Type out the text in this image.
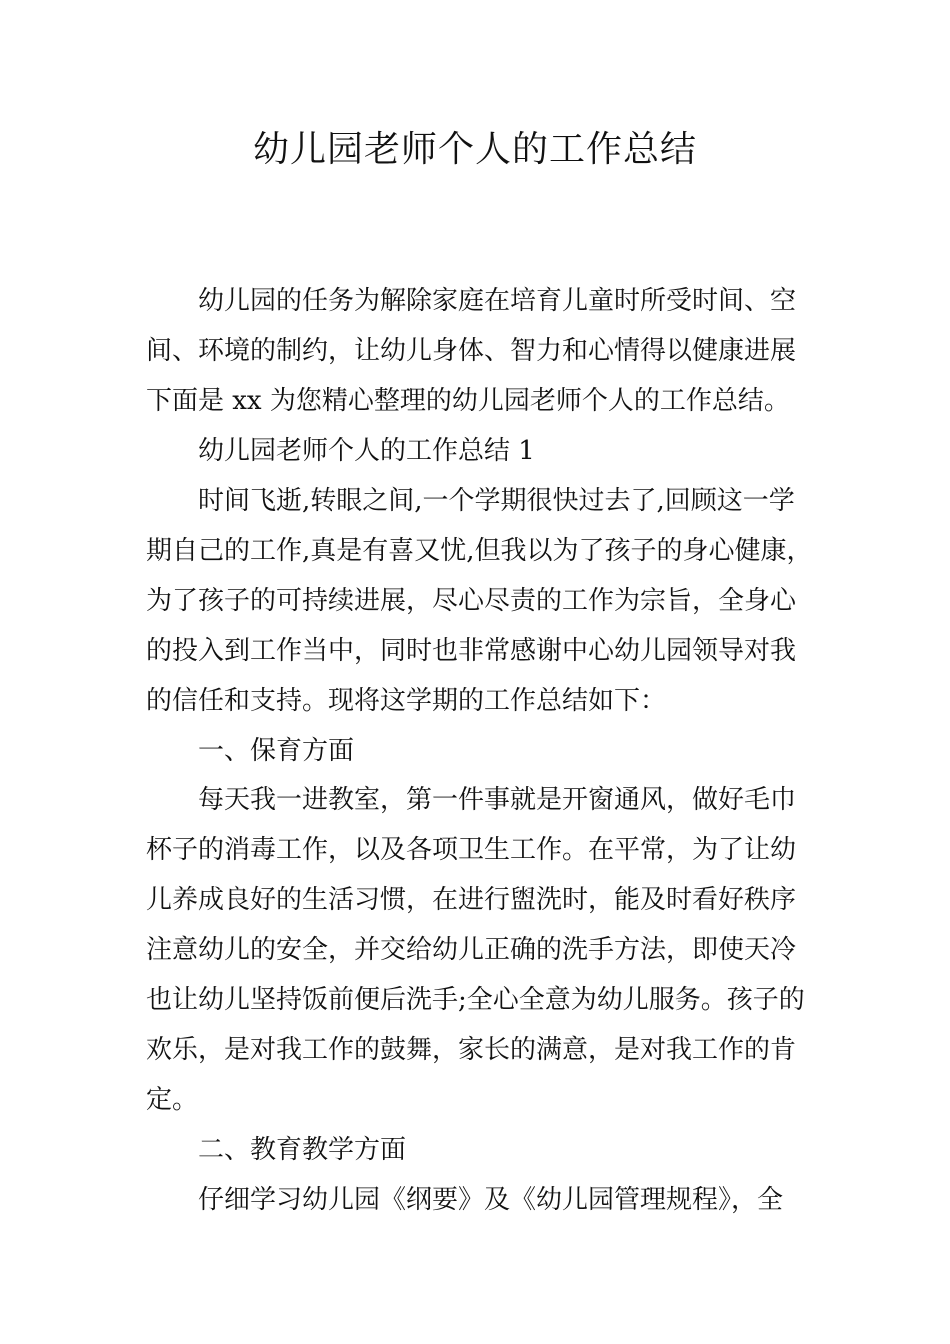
幼儿园老师个人的工作总结
　　幼儿园的任务为解除家庭在培育儿童时所受时间、空
间、环境的制约，让幼儿身体、智力和心情得以健康进展
下面是 xx 为您精心整理的幼儿园老师个人的工作总结。
　　幼儿园老师个人的工作总结 1
　　时间飞逝,转眼之间,一个学期很快过去了,回顾这一学
期自己的工作,真是有喜又忧,但我以为了孩子的身心健康，
为了孩子的可持续进展，尽心尽责的工作为宗旨，全身心
的投入到工作当中，同时也非常感谢中心幼儿园领导对我
的信任和支持。现将这学期的工作总结如下：
　　一、保育方面
　　每天我一进教室，第一件事就是开窗通风，做好毛巾
杯子的消毒工作，以及各项卫生工作。在平常，为了让幼
儿养成良好的生活习惯，在进行盥洗时，能及时看好秩序
注意幼儿的安全，并交给幼儿正确的洗手方法，即使天冷
也让幼儿坚持饭前便后洗手;全心全意为幼儿服务。孩子的
欢乐，是对我工作的鼓舞，家长的满意，是对我工作的肯
定。
　　二、教育教学方面
　　仔细学习幼儿园《纲要》及《幼儿园管理规程》，全
